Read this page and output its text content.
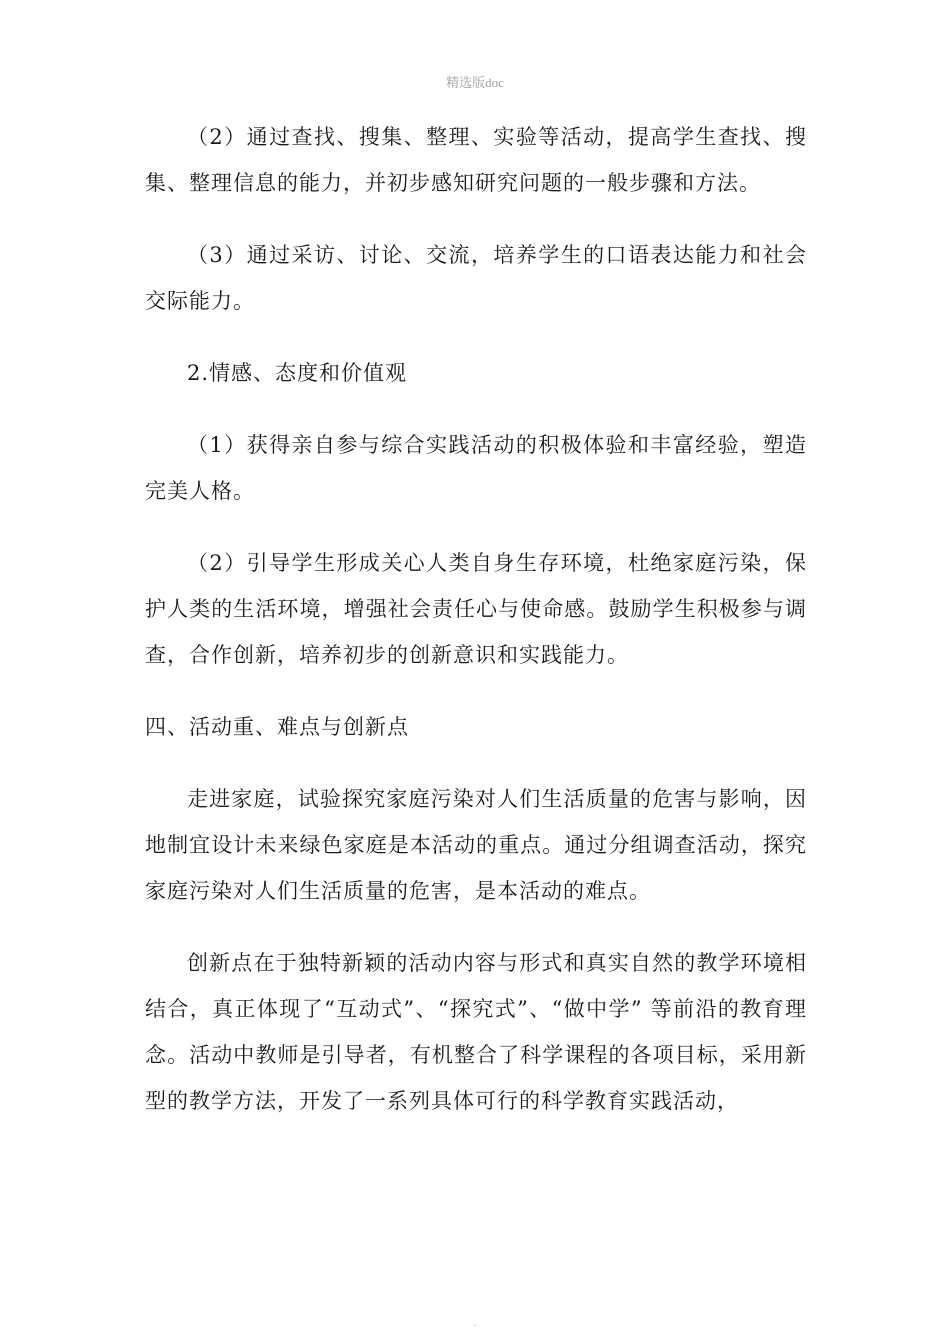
精选版doc

（2）通过查找、搜集、整理、实验等活动，提高学生查找、搜集、整理信息的能力，并初步感知研究问题的一般步骤和方法。

（3）通过采访、讨论、交流，培养学生的口语表达能力和社会交际能力。

2.情感、态度和价值观

（1）获得亲自参与综合实践活动的积极体验和丰富经验，塑造完美人格。

（2）引导学生形成关心人类自身生存环境，杜绝家庭污染，保护人类的生活环境，增强社会责任心与使命感。鼓励学生积极参与调查，合作创新，培养初步的创新意识和实践能力。

四、活动重、难点与创新点

走进家庭，试验探究家庭污染对人们生活质量的危害与影响，因地制宜设计未来绿色家庭是本活动的重点。通过分组调查活动，探究家庭污染对人们生活质量的危害，是本活动的难点。

创新点在于独特新颖的活动内容与形式和真实自然的教学环境相结合，真正体现了“互动式”、“探究式”、“做中学” 等前沿的教育理念。活动中教师是引导者，有机整合了科学课程的各项目标，采用新型的教学方法，开发了一系列具体可行的科学教育实践活动，

.
